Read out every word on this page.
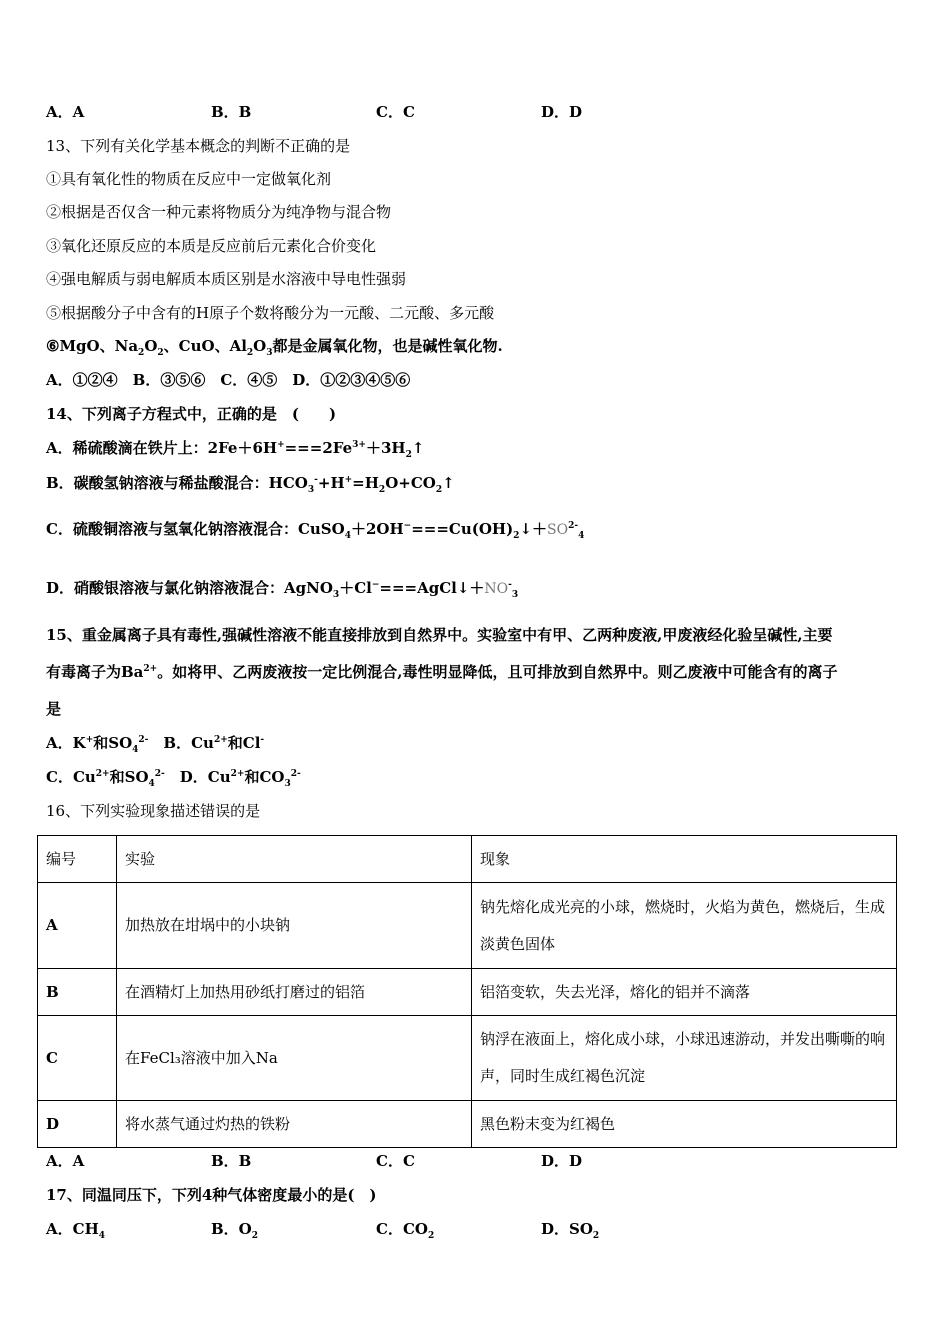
A．A	B．B	C．C	D．D
13、下列有关化学基本概念的判断不正确的是
①具有氧化性的物质在反应中一定做氧化剂
②根据是否仅含一种元素将物质分为纯净物与混合物
③氧化还原反应的本质是反应前后元素化合价变化
④强电解质与弱电解质本质区别是水溶液中导电性强弱
⑤根据酸分子中含有的H原子个数将酸分为一元酸、二元酸、多元酸
⑥MgO、$Na_2O_2$、CuO、$Al_2O_3$都是金属氧化物，也是碱性氧化物.
A．①②④　B．③⑤⑥　C．④⑤　D．①②③④⑤⑥
14、下列离子方程式中，正确的是　(　　)
A．稀硫酸滴在铁片上：$2Fe+6H^+===2Fe^{3+}+3H_2↑$
B．碳酸氢钠溶液与稀盐酸混合：$HCO_3^-+H^+=H_2O+CO_2↑$
C．硫酸铜溶液与氢氧化钠溶液混合：$CuSO_4+2OH^-===Cu(OH)_2↓+SO^{2-}_4$
D．硝酸银溶液与氯化钠溶液混合：$AgNO_3+Cl^-===AgCl↓+NO^-_3$
15、重金属离子具有毒性,强碱性溶液不能直接排放到自然界中。实验室中有甲、乙两种废液,甲废液经化验呈碱性,主要
有毒离子为$Ba^{2+}$。如将甲、乙两废液按一定比例混合,毒性明显降低，且可排放到自然界中。则乙废液中可能含有的离子
是
A．K+和$SO_4^{2-}$　B．$Cu^{2+}$和Cl-
C．$Cu^{2+}$和$SO_4^{2-}$　D．$Cu^{2+}$和$CO_3^{2-}$
16、下列实验现象描述错误的是
编号	实验	现象
A	加热放在坩埚中的小块钠	钠先熔化成光亮的小球，燃烧时，火焰为黄色，燃烧后，生成淡黄色固体
B	在酒精灯上加热用砂纸打磨过的铝箔	铝箔变软，失去光泽，熔化的铝并不滴落
C	在FeCl₃溶液中加入Na	钠浮在液面上，熔化成小球，小球迅速游动，并发出嘶嘶的响声，同时生成红褐色沉淀
D	将水蒸气通过灼热的铁粉	黑色粉末变为红褐色
A．A	B．B	C．C	D．D
17、同温同压下，下列4种气体密度最小的是(　)
A．$CH_4$	B．$O_2$	C．$CO_2$	D．$SO_2$
